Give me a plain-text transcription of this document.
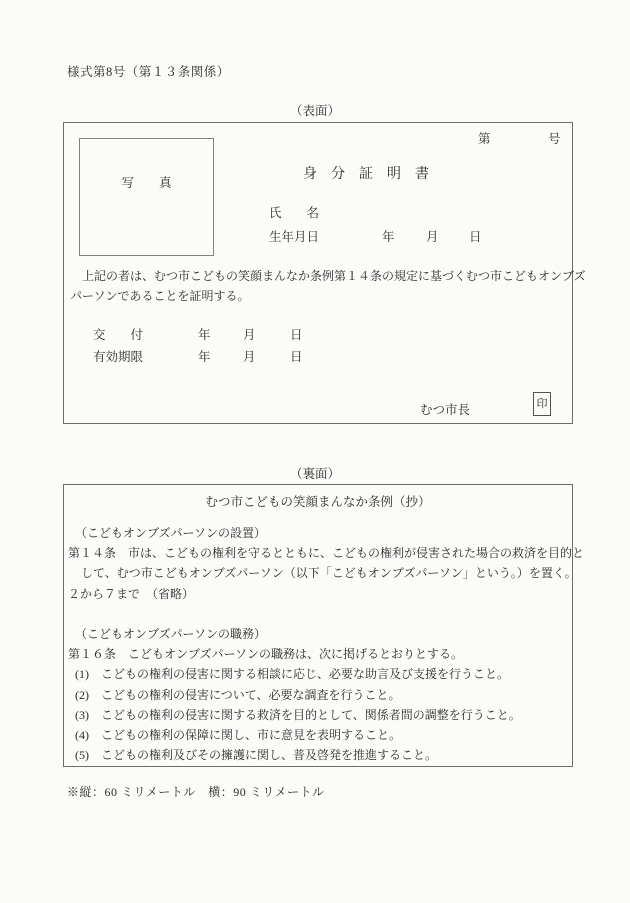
様式第8号（第１３条関係）
（表面）
第	号
写　　真
身　分　証　明　書
氏　　名
生年月日	年	月 日
　上記の者は、むつ市こどもの笑顔まんなか条例第１４条の規定に基づくむつ市こどもオンブズ
パーソンであることを証明する。
交　　付	年	月	日
有効期限	年	月	日
むつ市長	印
（裏面）
むつ市こどもの笑顔まんなか条例（抄）
（こどもオンブズパーソンの設置）
第１４条　市は、こどもの権利を守るとともに、こどもの権利が侵害された場合の救済を目的と
して、むつ市こどもオンブズパーソン（以下「こどもオンブズパーソン」という。）を置く。
２から７まで　（省略）

（こどもオンブズパーソンの職務）
第１６条　こどもオンブズパーソンの職務は、次に掲げるとおりとする。
(1)　こどもの権利の侵害に関する相談に応じ、必要な助言及び支援を行うこと。
(2)　こどもの権利の侵害について、必要な調査を行うこと。
(3)　こどもの権利の侵害に関する救済を目的として、関係者間の調整を行うこと。
(4)　こどもの権利の保障に関し、市に意見を表明すること。
(5)　こどもの権利及びその擁護に関し、普及啓発を推進すること。
※縦：60 ミリメートル　横：90 ミリメートル
